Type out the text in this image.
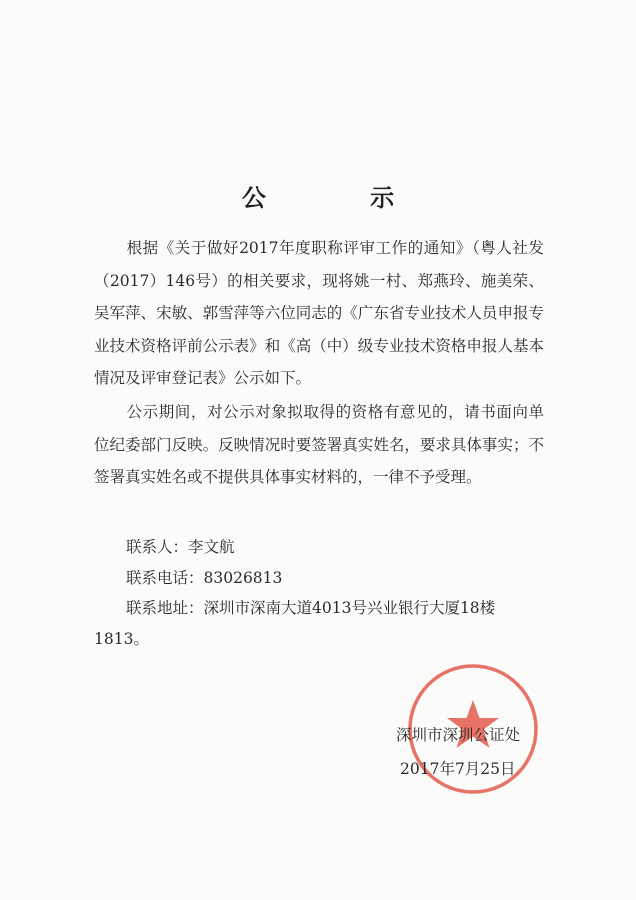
公 示
根据《关于做好2017年度职称评审工作的通知》（粤人社发（2017）146号）的相关要求，现将姚一村、郑燕玲、施美荣、吴军萍、宋敏、郭雪萍等六位同志的《广东省专业技术人员申报专业技术资格评前公示表》和《高（中）级专业技术资格申报人基本情况及评审登记表》公示如下。
公示期间，对公示对象拟取得的资格有意见的，请书面向单位纪委部门反映。反映情况时要签署真实姓名，要求具体事实；不签署真实姓名或不提供具体事实材料的，一律不予受理。
联系人：李文航
联系电话：83026813
联系地址：深圳市深南大道4013号兴业银行大厦18楼
1813。
深圳市深圳公证处
2017年7月25日
